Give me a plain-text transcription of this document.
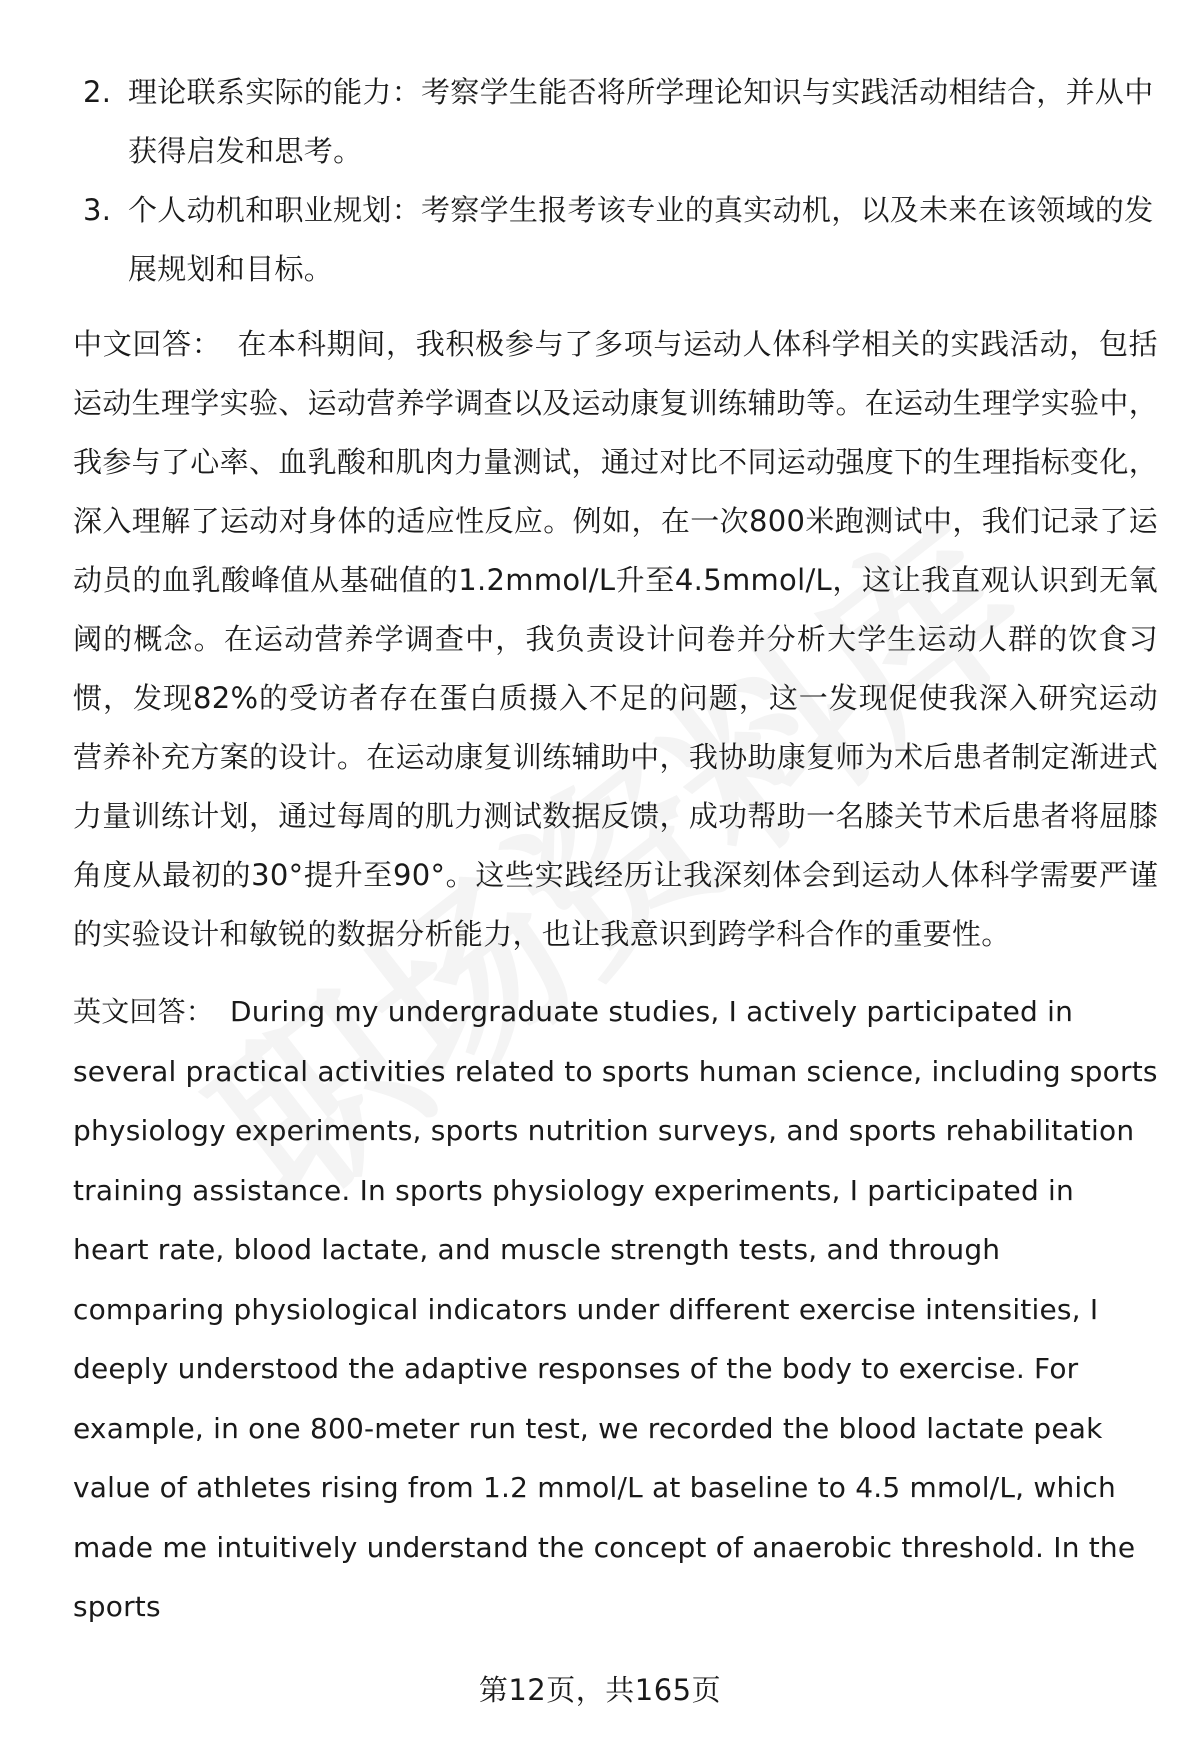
2. 理论联系实际的能力：考察学生能否将所学理论知识与实践活动相结合，并从中获得启发和思考。
3. 个人动机和职业规划：考察学生报考该专业的真实动机，以及未来在该领域的发展规划和目标。

中文回答： 在本科期间，我积极参与了多项与运动人体科学相关的实践活动，包括运动生理学实验、运动营养学调查以及运动康复训练辅助等。在运动生理学实验中，我参与了心率、血乳酸和肌肉力量测试，通过对比不同运动强度下的生理指标变化，深入理解了运动对身体的适应性反应。例如，在一次800米跑测试中，我们记录了运动员的血乳酸峰值从基础值的1.2mmol/L升至4.5mmol/L，这让我直观认识到无氧阈的概念。在运动营养学调查中，我负责设计问卷并分析大学生运动人群的饮食习惯，发现82%的受访者存在蛋白质摄入不足的问题，这一发现促使我深入研究运动营养补充方案的设计。在运动康复训练辅助中，我协助康复师为术后患者制定渐进式力量训练计划，通过每周的肌力测试数据反馈，成功帮助一名膝关节术后患者将屈膝角度从最初的30°提升至90°。这些实践经历让我深刻体会到运动人体科学需要严谨的实验设计和敏锐的数据分析能力，也让我意识到跨学科合作的重要性。

英文回答： During my undergraduate studies, I actively participated in several practical activities related to sports human science, including sports physiology experiments, sports nutrition surveys, and sports rehabilitation training assistance. In sports physiology experiments, I participated in heart rate, blood lactate, and muscle strength tests, and through comparing physiological indicators under different exercise intensities, I deeply understood the adaptive responses of the body to exercise. For example, in one 800-meter run test, we recorded the blood lactate peak value of athletes rising from 1.2 mmol/L at baseline to 4.5 mmol/L, which made me intuitively understand the concept of anaerobic threshold. In the sports

第12页，共165页
